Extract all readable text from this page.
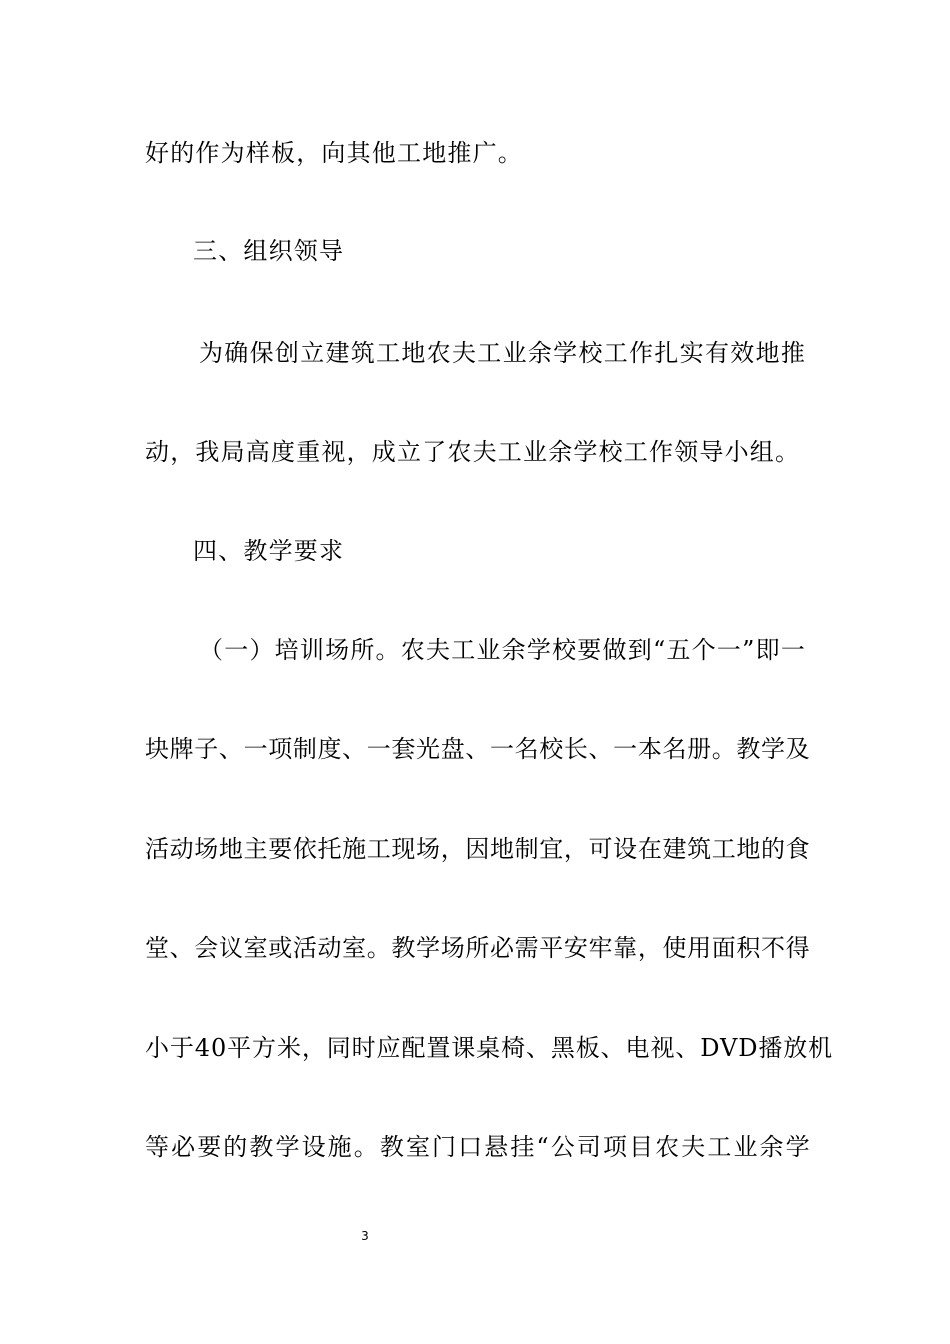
好的作为样板，向其他工地推广。
三、组织领导
为 确 保 创 立 建 筑 工 地 农 夫 工 业 余 学 校 工 作 扎 实 有 效 地 推
动，我局高度重视，成立了农夫工业余学校工作领导小组。
四、教学要求
（ 一 ） 培 训 场 所 。 农 夫 工 业 余 学 校 要 做 到 “ 五 个 一 ” 即 一
块 牌 子 、 一 项 制 度 、 一 套 光 盘 、 一 名 校 长 、 一 本 名 册 。 教 学 及
活 动 场 地 主 要 依 托 施 工 现 场 ， 因 地 制 宜 ， 可 设 在 建 筑 工 地 的 食
堂 、 会 议 室 或 活 动 室 。 教 学 场 所 必 需 平 安 牢 靠 ， 使 用 面 积 不 得
小于40平方米，同时应配置课桌椅、黑板、电视、DVD播放机
等 必 要 的 教 学 设 施 。 教 室 门 口 悬 挂 “ 公 司 项 目 农 夫 工 业 余 学
3
